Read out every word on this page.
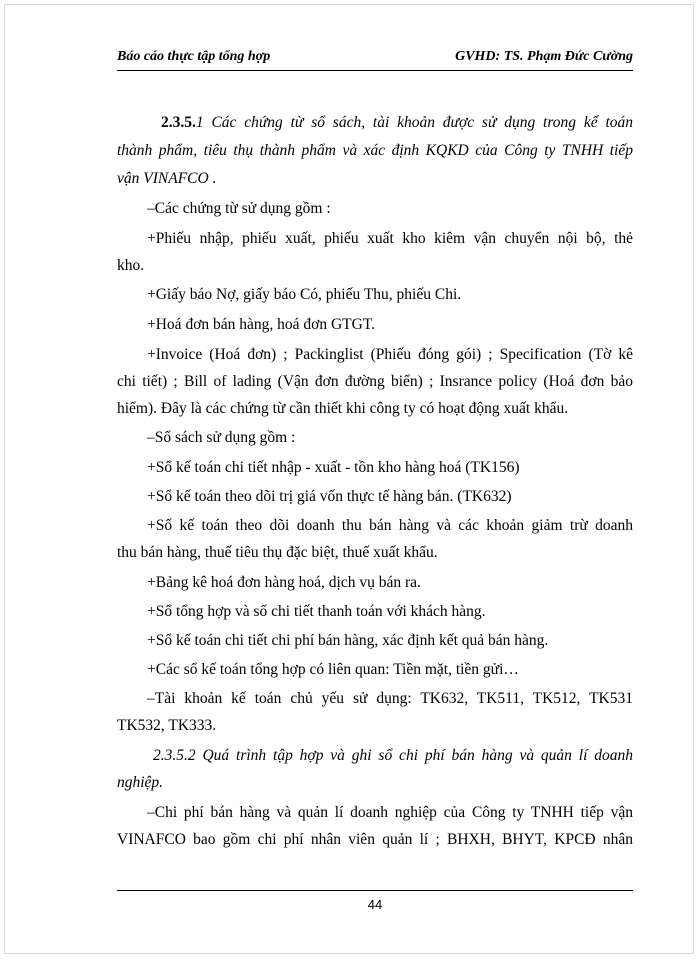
Báo cáo thực tập tổng hợp	GVHD: TS. Phạm Đức Cường
2.3.5.1 Các chứng từ sổ sách, tài khoản được sử dụng trong kế toán
thành phẩm, tiêu thụ thành phẩm và xác định KQKD của Công ty TNHH tiếp
vận VINAFCO .
–Các chứng từ sử dụng gồm :
+Phiếu nhập, phiếu xuất, phiếu xuất kho kiêm vận chuyển nội bộ, thẻ
kho.
+Giấy báo Nợ, giấy báo Có, phiếu Thu, phiếu Chi.
+Hoá đơn bán hàng, hoá đơn GTGT.
+Invoice (Hoá đơn) ; Packinglist (Phiếu đóng gói) ; Specification (Tờ kê
chi tiết) ; Bill of lading (Vận đơn đường biển) ; Insrance policy (Hoá đơn bảo
hiểm). Đây là các chứng từ cần thiết khi công ty có hoạt động xuất khẩu.
–Sổ sách sử dụng gồm :
+Sổ kế toán chi tiết nhập - xuất - tồn kho hàng hoá (TK156)
+Sổ kế toán theo dõi trị giá vốn thực tế hàng bán. (TK632)
+Sổ kế toán theo dõi doanh thu bán hàng và các khoản giảm trừ doanh
thu bán hàng, thuế tiêu thụ đặc biệt, thuế xuất khẩu.
+Bảng kê hoá đơn hàng hoá, dịch vụ bán ra.
+Sổ tổng hợp và sổ chi tiết thanh toán với khách hàng.
+Sổ kế toán chi tiết chi phí bán hàng, xác định kết quả bán hàng.
+Các sổ kế toán tổng hợp có liên quan: Tiền mặt, tiền gửi…
–Tài khoản kế toán chủ yếu sử dụng: TK632, TK511, TK512, TK531
TK532, TK333.
2.3.5.2 Quá trình tập hợp và ghi sổ chi phí bán hàng và quản lí doanh
nghiệp.
–Chi phí bán hàng và quản lí doanh nghiệp của Công ty TNHH tiếp vận
VINAFCO bao gồm chi phí nhân viên quản lí ; BHXH, BHYT, KPCĐ nhân
44
